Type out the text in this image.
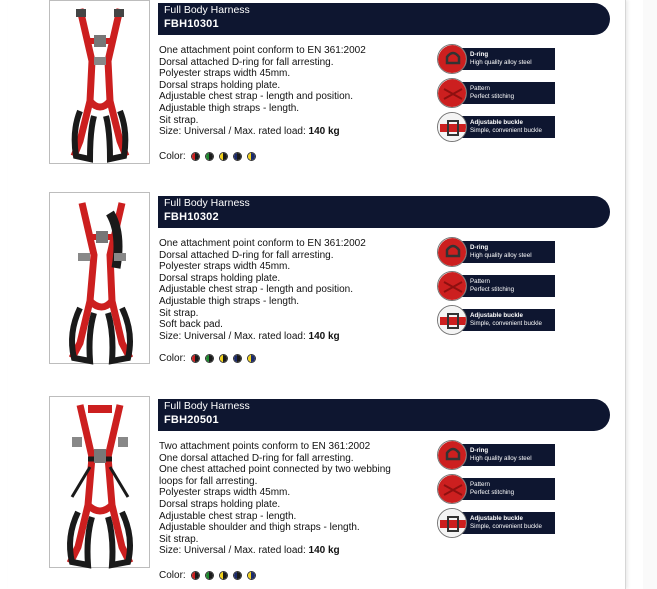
Full Body Harness
FBH10301
One attachment point conform to EN 361:2002
Dorsal attached D-ring for fall arresting.
Polyester straps width 45mm.
Dorsal straps holding plate.
Adjustable chest strap - length and position.
Adjustable thigh straps - length.
Sit strap.
Size: Universal / Max. rated load: 140 kg
Color:
D-ring
High quality alloy steel
Pattern
Perfect stitching
Adjustable buckle
Simple, convenient buckle
Full Body Harness
FBH10302
One attachment point conform to EN 361:2002
Dorsal attached D-ring for fall arresting.
Polyester straps width 45mm.
Dorsal straps holding plate.
Adjustable chest strap - length and position.
Adjustable thigh straps - length.
Sit strap.
Soft back pad.
Size: Universal / Max. rated load: 140 kg
Color:
D-ring
High quality alloy steel
Pattern
Perfect stitching
Adjustable buckle
Simple, convenient buckle
Full Body Harness
FBH20501
Two attachment points conform to EN 361:2002
One dorsal attached D-ring for fall arresting.
One chest attached point connected by two webbing
loops for fall arresting.
Polyester straps width 45mm.
Dorsal straps holding plate.
Adjustable chest strap - length.
Adjustable shoulder and thigh straps - length.
Sit strap.
Size: Universal / Max. rated load: 140 kg
Color:
D-ring
High quality alloy steel
Pattern
Perfect stitching
Adjustable buckle
Simple, convenient buckle
